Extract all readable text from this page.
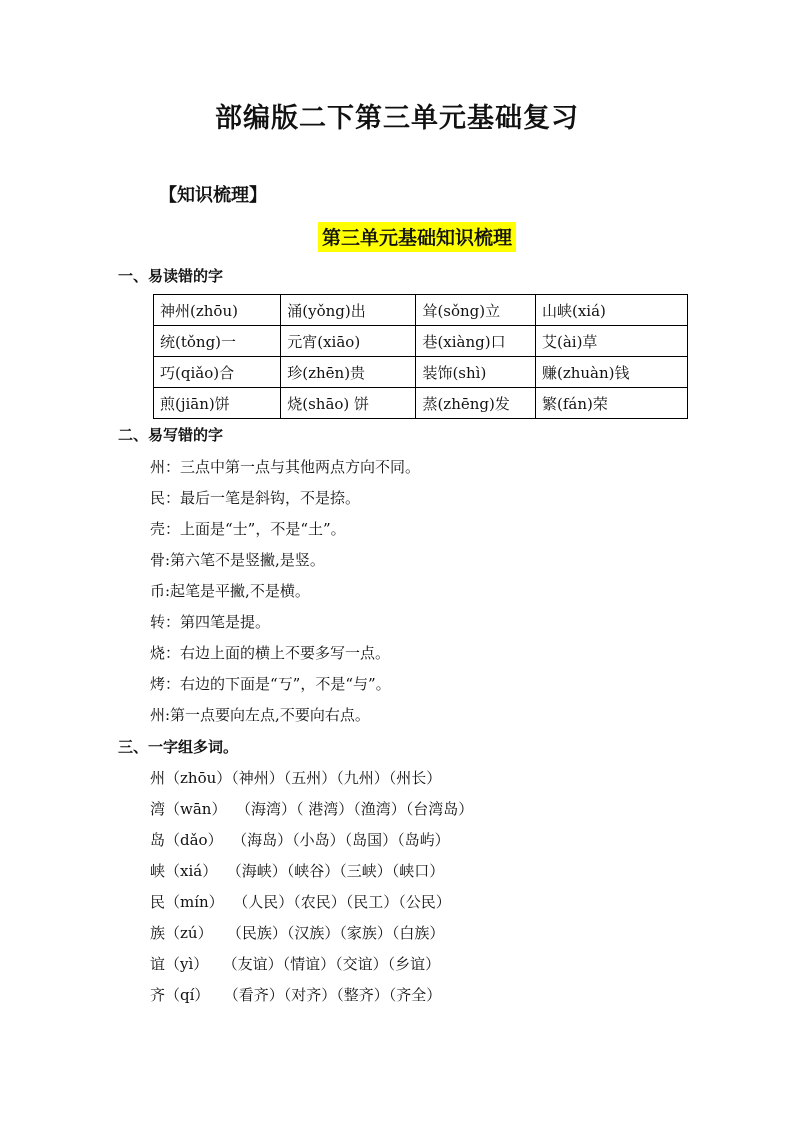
部编版二下第三单元基础复习
【知识梳理】
第三单元基础知识梳理
一、易读错的字
神州(zhōu)	涌(yǒng)出	耸(sǒng)立	山峡(xiá)
统(tǒng)一	元宵(xiāo)	巷(xiàng)口	艾(ài)草
巧(qiǎo)合	珍(zhēn)贵	装饰(shì)	赚(zhuàn)钱
煎(jiān)饼	烧(shāo) 饼	蒸(zhēng)发	繁(fán)荣
二、易写错的字
州：三点中第一点与其他两点方向不同。
民：最后一笔是斜钩，不是捺。
壳：上面是“士”，不是“土”。
骨:第六笔不是竖撇,是竖。
币:起笔是平撇,不是横。
转：第四笔是提。
烧：右边上面的横上不要多写一点。
烤：右边的下面是“丂”，不是“与”。
州:第一点要向左点,不要向右点。
三、一字组多词。
州（zhōu）（神州）（五州）（九州）（州长）
湾（wān）  （海湾）（ 港湾）（渔湾）（台湾岛）
岛（dǎo）  （海岛）（小岛）（岛国）（岛屿）
峡（xiá）  （海峡）（峡谷）（三峡）（峡口）
民（mín）  （人民）（农民）（民工）（公民）
族（zú）   （民族）（汉族）（家族）（白族）
谊（yì）   （友谊）（情谊）（交谊）（乡谊）
齐（qí）   （看齐）（对齐）（整齐）（齐全）
